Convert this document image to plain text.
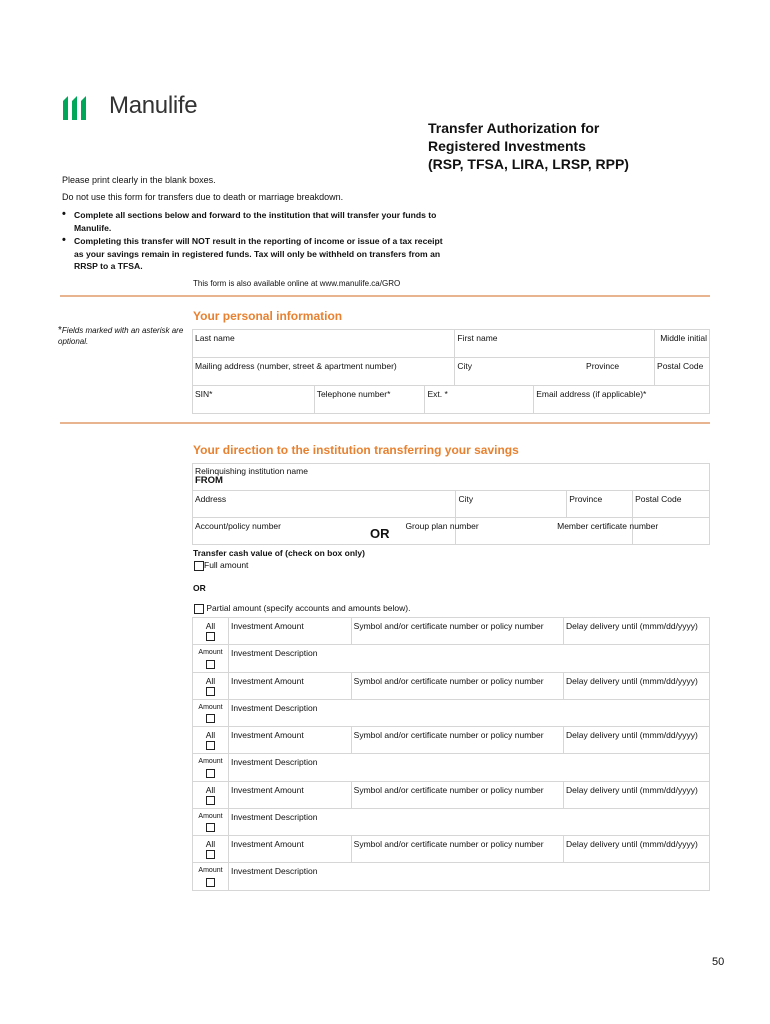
Manulife
Transfer Authorization for
Registered Investments
(RSP, TFSA, LIRA, LRSP, RPP)
Please print clearly in the blank boxes.
Do not use this form for transfers due to death or marriage breakdown.
• Complete all sections below and forward to the institution that will transfer your funds to Manulife.
• Completing this transfer will NOT result in the reporting of income or issue of a tax receipt as your savings remain in registered funds. Tax will only be withheld on transfers from an RRSP to a TFSA.
This form is also available online at www.manulife.ca/GRO
Your personal information
*Fields marked with an asterisk are optional.	Last name			First name		Middle initial
Mailing address (number, street & apartment number)			City Province		Postal Code
SIN*	Telephone number*	Ext. *		Email address (if applicable)*	
Your direction to the institution transferring your savings
Relinquishing institution name
FROM			

Address	City	Province	Postal Code
Account/policy number OR	Group plan number		Member certificate number
Transfer cash value of (check on box only)
Full amount
OR
Partial amount (specify accounts and amounts below).
All	Investment Amount	Symbol and/or certificate number or policy number	Delay delivery until (mmm/dd/yyyy)

Amount	Investment Description		

All	Investment Amount	Symbol and/or certificate number or policy number	Delay delivery until (mmm/dd/yyyy)

Amount	Investment Description		

All	Investment Amount	Symbol and/or certificate number or policy number	Delay delivery until (mmm/dd/yyyy)

Amount	Investment Description		

All	Investment Amount	Symbol and/or certificate number or policy number	Delay delivery until (mmm/dd/yyyy)

Amount	Investment Description		

All	Investment Amount	Symbol and/or certificate number or policy number	Delay delivery until (mmm/dd/yyyy)

Amount	Investment Description		
50
